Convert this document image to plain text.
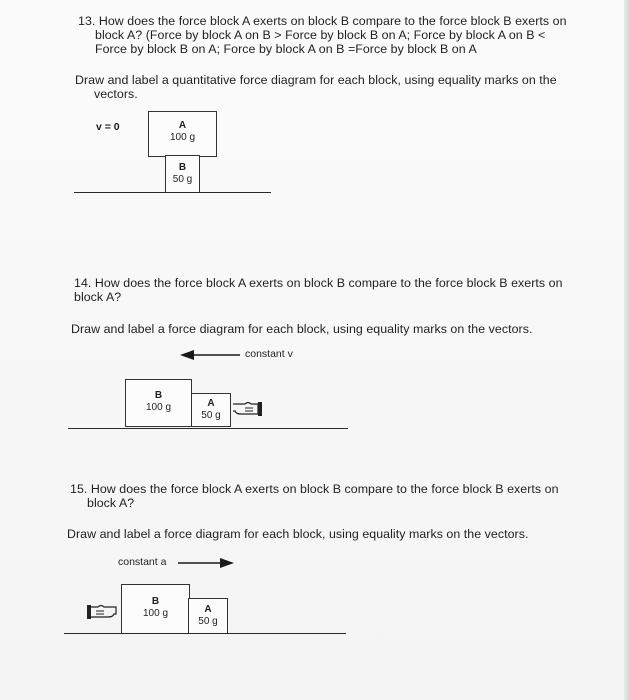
13. How does the force block A exerts on block B compare to the force block B exerts on
block A? (Force by block A on B > Force by block B on A; Force by block A on B <
Force by block B on A; Force by block A on B =Force by block B on A
Draw and label a quantitative force diagram for each block, using equality marks on the
vectors.
v = 0	A
100 g
B
50 g
14. How does the force block A exerts on block B compare to the force block B exerts on
block A?
Draw and label a force diagram for each block, using equality marks on the vectors.
constant v
B
100 g	A
50 g
15. How does the force block A exerts on block B compare to the force block B exerts on
block A?
Draw and label a force diagram for each block, using equality marks on the vectors.
constant a
B
100 g	A
50 g
